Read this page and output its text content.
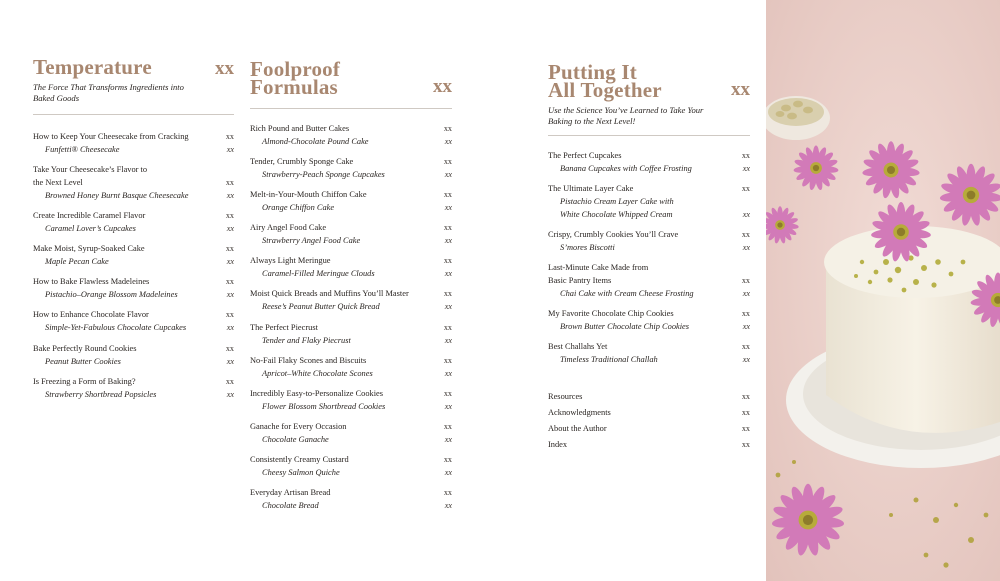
Temperature	xx
The Force That Transforms Ingredients into Baked Goods
How to Keep Your Cheesecake from Cracking	xx
Funfetti® Cheesecake	xx
Take Your Cheesecake’s Flavor to
the Next Level	xx
Browned Honey Burnt Basque Cheesecake	xx
Create Incredible Caramel Flavor	xx
Caramel Lover’s Cupcakes	xx
Make Moist, Syrup-Soaked Cake	xx
Maple Pecan Cake	xx
How to Bake Flawless Madeleines	xx
Pistachio–Orange Blossom Madeleines	xx
How to Enhance Chocolate Flavor	xx
Simple-Yet-Fabulous Chocolate Cupcakes	xx
Bake Perfectly Round Cookies	xx
Peanut Butter Cookies	xx
Is Freezing a Form of Baking?	xx
Strawberry Shortbread Popsicles	xx
Foolproof
Formulas	xx
Rich Pound and Butter Cakes	xx
Almond-Chocolate Pound Cake	xx
Tender, Crumbly Sponge Cake	xx
Strawberry-Peach Sponge Cupcakes	xx
Melt-in-Your-Mouth Chiffon Cake	xx
Orange Chiffon Cake	xx
Airy Angel Food Cake	xx
Strawberry Angel Food Cake	xx
Always Light Meringue	xx
Caramel-Filled Meringue Clouds	xx
Moist Quick Breads and Muffins You’ll Master	xx
Reese’s Peanut Butter Quick Bread	xx
The Perfect Piecrust	xx
Tender and Flaky Piecrust	xx
No-Fail Flaky Scones and Biscuits	xx
Apricot–White Chocolate Scones	xx
Incredibly Easy-to-Personalize Cookies	xx
Flower Blossom Shortbread Cookies	xx
Ganache for Every Occasion	xx
Chocolate Ganache	xx
Consistently Creamy Custard	xx
Cheesy Salmon Quiche	xx
Everyday Artisan Bread	xx
Chocolate Bread	xx
Putting It
All Together	xx
Use the Science You’ve Learned to Take Your Baking to the Next Level!
The Perfect Cupcakes	xx
Banana Cupcakes with Coffee Frosting	xx
The Ultimate Layer Cake	xx
Pistachio Cream Layer Cake with
White Chocolate Whipped Cream	xx
Crispy, Crumbly Cookies You’ll Crave	xx
S’mores Biscotti	xx
Last-Minute Cake Made from
Basic Pantry Items	xx
Chai Cake with Cream Cheese Frosting	xx
My Favorite Chocolate Chip Cookies	xx
Brown Butter Chocolate Chip Cookies	xx
Best Challahs Yet	xx
Timeless Traditional Challah	xx
Resources	xx
Acknowledgments	xx
About the Author	xx
Index	xx
